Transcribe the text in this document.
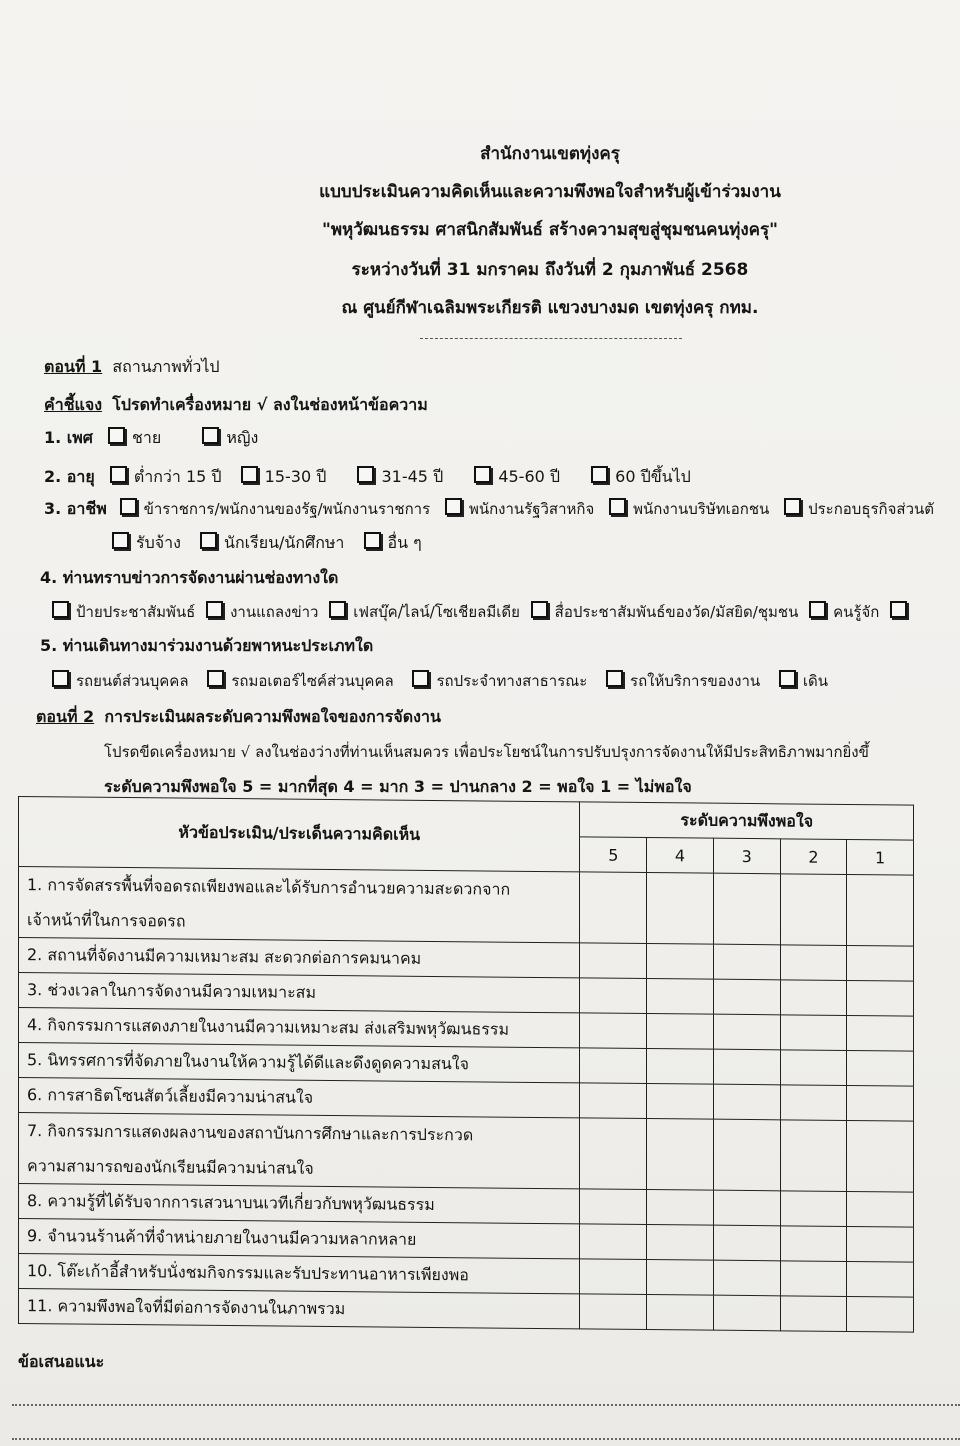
สำนักงานเขตทุ่งครุ
แบบประเมินความคิดเห็นและความพึงพอใจสำหรับผู้เข้าร่วมงาน
"พหุวัฒนธรรม ศาสนิกสัมพันธ์ สร้างความสุขสู่ชุมชนคนทุ่งครุ"
ระหว่างวันที่ 31 มกราคม ถึงวันที่ 2 กุมภาพันธ์ 2568
ณ ศูนย์กีฬาเฉลิมพระเกียรติ แขวงบางมด เขตทุ่งครุ กทม.
ตอนที่ 1 สถานภาพทั่วไป
คำชี้แจง โปรดทำเครื่องหมาย √ ลงในช่องหน้าข้อความ
1. เพศ ชาย	หญิง
2. อายุ ต่ำกว่า 15 ปี	15-30 ปี	31-45 ปี	45-60 ปี	60 ปีขึ้นไป
3. อาชีพ ข้าราชการ/พนักงานของรัฐ/พนักงานราชการ	พนักงานรัฐวิสาหกิจ	พนักงานบริษัทเอกชน	ประกอบธุรกิจส่วนตั
รับจ้าง	นักเรียน/นักศึกษา	อื่น ๆ
4. ท่านทราบข่าวการจัดงานผ่านช่องทางใด
ป้ายประชาสัมพันธ์ งานแถลงข่าว เฟสบุ๊ค/ไลน์/โซเชียลมีเดีย สื่อประชาสัมพันธ์ของวัด/มัสยิด/ชุมชน คนรู้จัก
5. ท่านเดินทางมาร่วมงานด้วยพาหนะประเภทใด
รถยนต์ส่วนบุคคล	รถมอเตอร์ไซค์ส่วนบุคคล	รถประจำทางสาธารณะ	รถให้บริการของงาน	เดิน
ตอนที่ 2 การประเมินผลระดับความพึงพอใจของการจัดงาน
โปรดขีดเครื่องหมาย √ ลงในช่องว่างที่ท่านเห็นสมควร เพื่อประโยชน์ในการปรับปรุงการจัดงานให้มีประสิทธิภาพมากยิ่งขึ้
ระดับความพึงพอใจ 5 = มากที่สุด 4 = มาก 3 = ปานกลาง 2 = พอใจ 1 = ไม่พอใจ
หัวข้อประเมิน/ประเด็นความคิดเห็น	ระดับความพึงพอใจ				
	5	4	3	2	1

1. การจัดสรรพื้นที่จอดรถเพียงพอและได้รับการอำนวยความสะดวกจาก
เจ้าหน้าที่ในการจอดรถ					

2. สถานที่จัดงานมีความเหมาะสม สะดวกต่อการคมนาคม					

3. ช่วงเวลาในการจัดงานมีความเหมาะสม					

4. กิจกรรมการแสดงภายในงานมีความเหมาะสม ส่งเสริมพหุวัฒนธรรม					

5. นิทรรศการที่จัดภายในงานให้ความรู้ได้ดีและดึงดูดความสนใจ					

6. การสาธิตโซนสัตว์เลี้ยงมีความน่าสนใจ					

7. กิจกรรมการแสดงผลงานของสถาบันการศึกษาและการประกวด
ความสามารถของนักเรียนมีความน่าสนใจ					

8. ความรู้ที่ได้รับจากการเสวนาบนเวทีเกี่ยวกับพหุวัฒนธรรม					

9. จำนวนร้านค้าที่จำหน่ายภายในงานมีความหลากหลาย					

10. โต๊ะเก้าอี้สำหรับนั่งชมกิจกรรมและรับประทานอาหารเพียงพอ					

11. ความพึงพอใจที่มีต่อการจัดงานในภาพรวม					

ข้อเสนอแนะ
